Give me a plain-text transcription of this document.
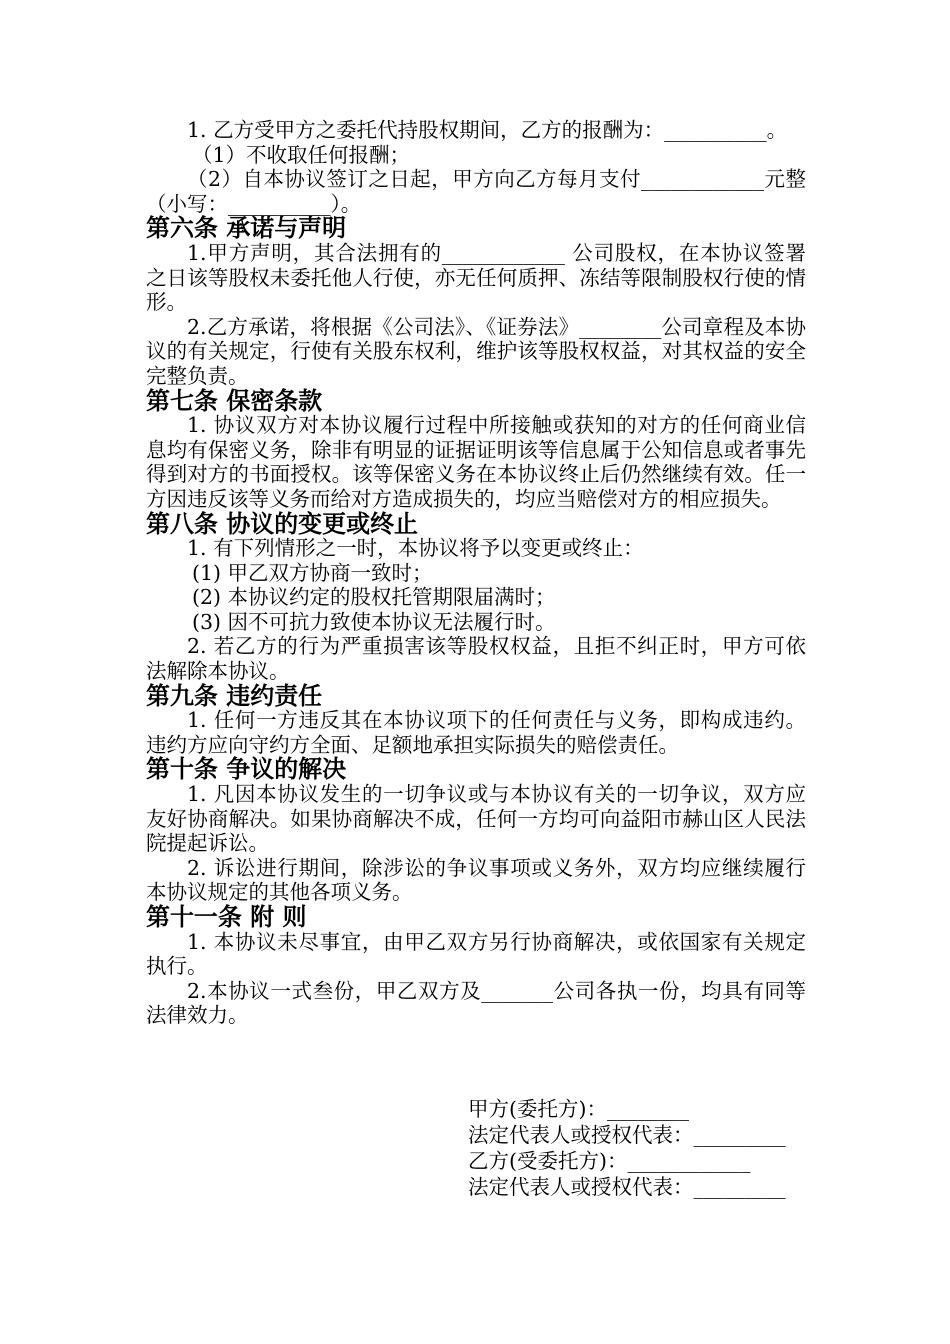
1. 乙方受甲方之委托代持股权期间，乙方的报酬为：__________。

（1）不收取任何报酬；

（2）自本协议签订之日起，甲方向乙方每月支付____________元整（小写：__________）。

第六条 承诺与声明

1.甲方声明，其合法拥有的____________ 公司股权，在本协议签署之日该等股权未委托他人行使，亦无任何质押、冻结等限制股权行使的情形。

2.乙方承诺，将根据《公司法》、《证券法》________公司章程及本协议的有关规定，行使有关股东权利，维护该等股权权益，对其权益的安全完整负责。

第七条 保密条款

1. 协议双方对本协议履行过程中所接触或获知的对方的任何商业信息均有保密义务，除非有明显的证据证明该等信息属于公知信息或者事先得到对方的书面授权。该等保密义务在本协议终止后仍然继续有效。任一方因违反该等义务而给对方造成损失的，均应当赔偿对方的相应损失。

第八条 协议的变更或终止

1. 有下列情形之一时，本协议将予以变更或终止：

(1) 甲乙双方协商一致时；

(2) 本协议约定的股权托管期限届满时；

(3) 因不可抗力致使本协议无法履行时。

2. 若乙方的行为严重损害该等股权权益，且拒不纠正时，甲方可依法解除本协议。

第九条 违约责任

1. 任何一方违反其在本协议项下的任何责任与义务，即构成违约。违约方应向守约方全面、足额地承担实际损失的赔偿责任。

第十条 争议的解决

1. 凡因本协议发生的一切争议或与本协议有关的一切争议，双方应友好协商解决。如果协商解决不成，任何一方均可向益阳市赫山区人民法院提起诉讼。

2. 诉讼进行期间，除涉讼的争议事项或义务外，双方均应继续履行本协议规定的其他各项义务。

第十一条 附 则

1. 本协议未尽事宜，由甲乙双方另行协商解决，或依国家有关规定执行。

2.本协议一式叁份，甲乙双方及_______公司各执一份，均具有同等法律效力。

甲方(委托方)：________
法定代表人或授权代表：_________
乙方(受委托方)：____________
法定代表人或授权代表：_________
